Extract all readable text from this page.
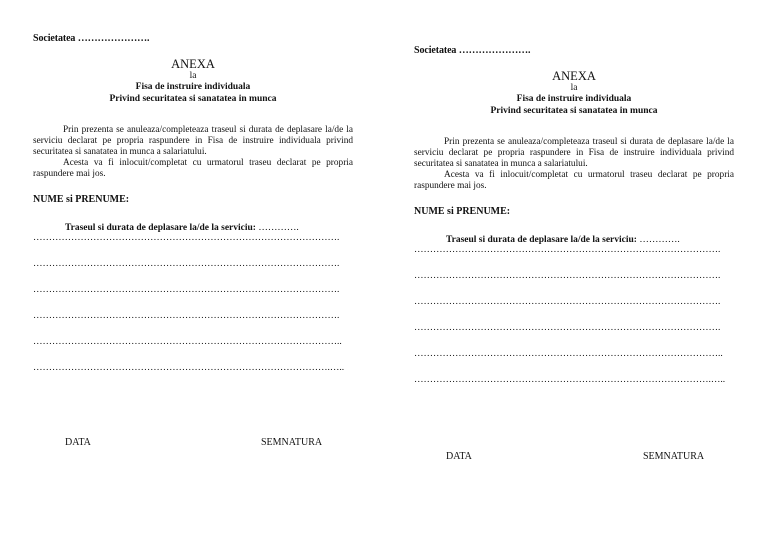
Societatea ………………….
ANEXA
la
Fisa de instruire individuala
Privind securitatea si sanatatea in munca

Prin prezenta se anuleaza/completeaza traseul si durata de deplasare la/de la serviciu declarat pe propria raspundere in Fisa de instruire individuala privind securitatea si sanatatea in munca a salariatului.

Acesta va fi inlocuit/completat cu urmatorul traseu declarat pe propria raspundere mai jos.

NUME si PRENUME:
Traseul si durata de deplasare la/de la serviciu: ………….
…………………………………………………………………………………….
…………………………………………………………………………………….
…………………………………………………………………………………….
…………………………………………………………………………………….
……………………………………………………………………………………..
………………………………………………………………………………….…..
DATA	SEMNATURA
Societatea ………………….
ANEXA
la
Fisa de instruire individuala
Privind securitatea si sanatatea in munca

Prin prezenta se anuleaza/completeaza traseul si durata de deplasare la/de la serviciu declarat pe propria raspundere in Fisa de instruire individuala privind securitatea si sanatatea in munca a salariatului.

Acesta va fi inlocuit/completat cu urmatorul traseu declarat pe propria raspundere mai jos.

NUME si PRENUME:
Traseul si durata de deplasare la/de la serviciu: ………….
…………………………………………………………………………………….
…………………………………………………………………………………….
…………………………………………………………………………………….
…………………………………………………………………………………….
……………………………………………………………………………………..
………………………………………………………………………………….…..
DATA	SEMNATURA
